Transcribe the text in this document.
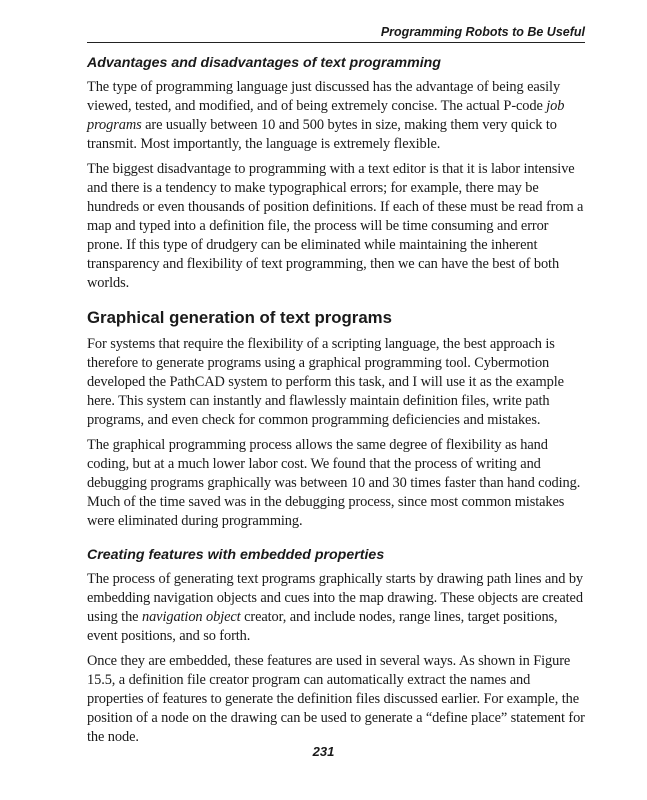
Programming Robots to Be Useful
Advantages and disadvantages of text programming

The type of programming language just discussed has the advantage of being easily viewed, tested, and modified, and of being extremely concise. The actual P-code job programs are usually between 10 and 500 bytes in size, making them very quick to transmit. Most importantly, the language is extremely flexible.

The biggest disadvantage to programming with a text editor is that it is labor intensive and there is a tendency to make typographical errors; for example, there may be hundreds or even thousands of position definitions. If each of these must be read from a map and typed into a definition file, the process will be time consuming and error prone. If this type of drudgery can be eliminated while maintaining the inherent transparency and flexibility of text programming, then we can have the best of both worlds.

Graphical generation of text programs

For systems that require the flexibility of a scripting language, the best approach is therefore to generate programs using a graphical programming tool. Cybermotion developed the PathCAD system to perform this task, and I will use it as the example here. This system can instantly and flawlessly maintain definition files, write path programs, and even check for common programming deficiencies and mistakes.

The graphical programming process allows the same degree of flexibility as hand coding, but at a much lower labor cost. We found that the process of writing and debugging programs graphically was between 10 and 30 times faster than hand coding. Much of the time saved was in the debugging process, since most common mistakes were eliminated during programming.

Creating features with embedded properties

The process of generating text programs graphically starts by drawing path lines and by embedding navigation objects and cues into the map drawing. These objects are created using the navigation object creator, and include nodes, range lines, target positions, event positions, and so forth.

Once they are embedded, these features are used in several ways. As shown in Figure 15.5, a definition file creator program can automatically extract the names and properties of features to generate the definition files discussed earlier. For example, the position of a node on the drawing can be used to generate a “define place” statement for the node.

231
